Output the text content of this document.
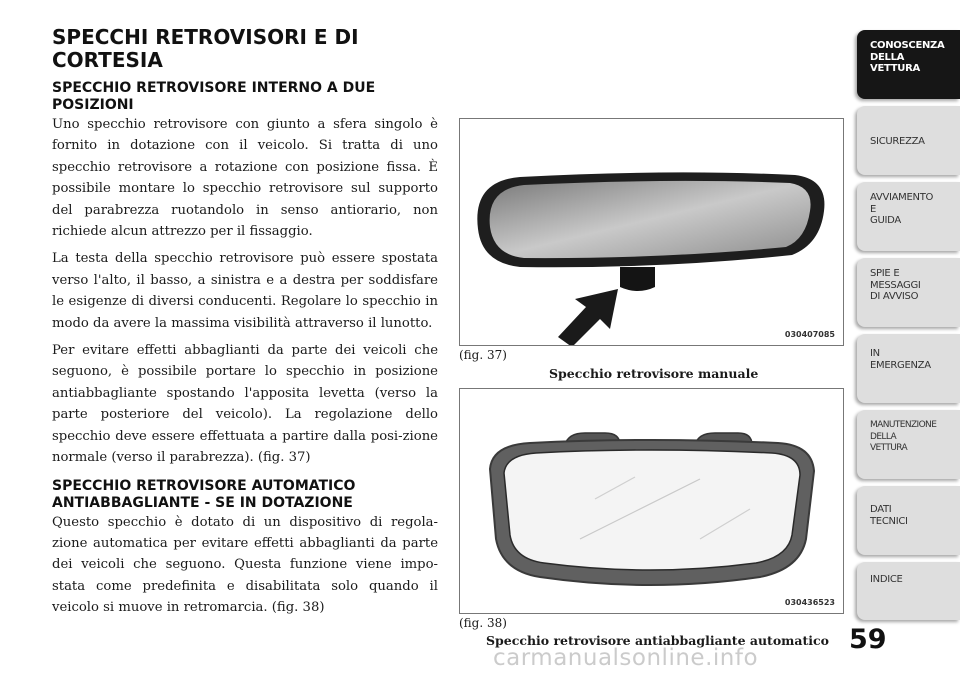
SPECCHI RETROVISORI E DI
CORTESIA
SPECCHIO RETROVISORE INTERNO A DUE
POSIZIONI

Uno specchio retrovisore con giunto a sfera singolo è fornito in dotazione con il veicolo. Si tratta di uno specchio retrovisore a rotazione con posizione fissa. È possibile montare lo specchio retrovisore sul supporto del parabrezza ruotandolo in senso antiorario, non richiede alcun attrezzo per il fissaggio.

La testa della specchio retrovisore può essere spostata verso l'alto, il basso, a sinistra e a destra per soddisfare le esigenze di diversi conducenti. Regolare lo specchio in modo da avere la massima visibilità attraverso il lunotto.

Per evitare effetti abbaglianti da parte dei veicoli che seguono, è possibile portare lo specchio in posizione antiabbagliante spostando l'apposita levetta (verso la parte posteriore del veicolo). La regolazione dello specchio deve essere effettuata a partire dalla posi-zione normale (verso il parabrezza). (fig. 37)

SPECCHIO RETROVISORE AUTOMATICO
ANTIABBAGLIANTE - SE IN DOTAZIONE

Questo specchio è dotato di un dispositivo di regola-zione automatica per evitare effetti abbaglianti da parte dei veicoli che seguono. Questa funzione viene impo-stata come predefinita e disabilitata solo quando il veicolo si muove in retromarcia. (fig. 38)

030407085
(fig. 37)
Specchio retrovisore manuale
030436523
(fig. 38)
Specchio retrovisore antiabbagliante automatico 59
CONOSCENZA
DELLA
VETTURA
SICUREZZA
AVVIAMENTO
E
GUIDA
SPIE E
MESSAGGI
DI AVVISO
IN
EMERGENZA
MANUTENZIONE
DELLA
VETTURA
DATI
TECNICI
INDICE
carmanualsonline.info
